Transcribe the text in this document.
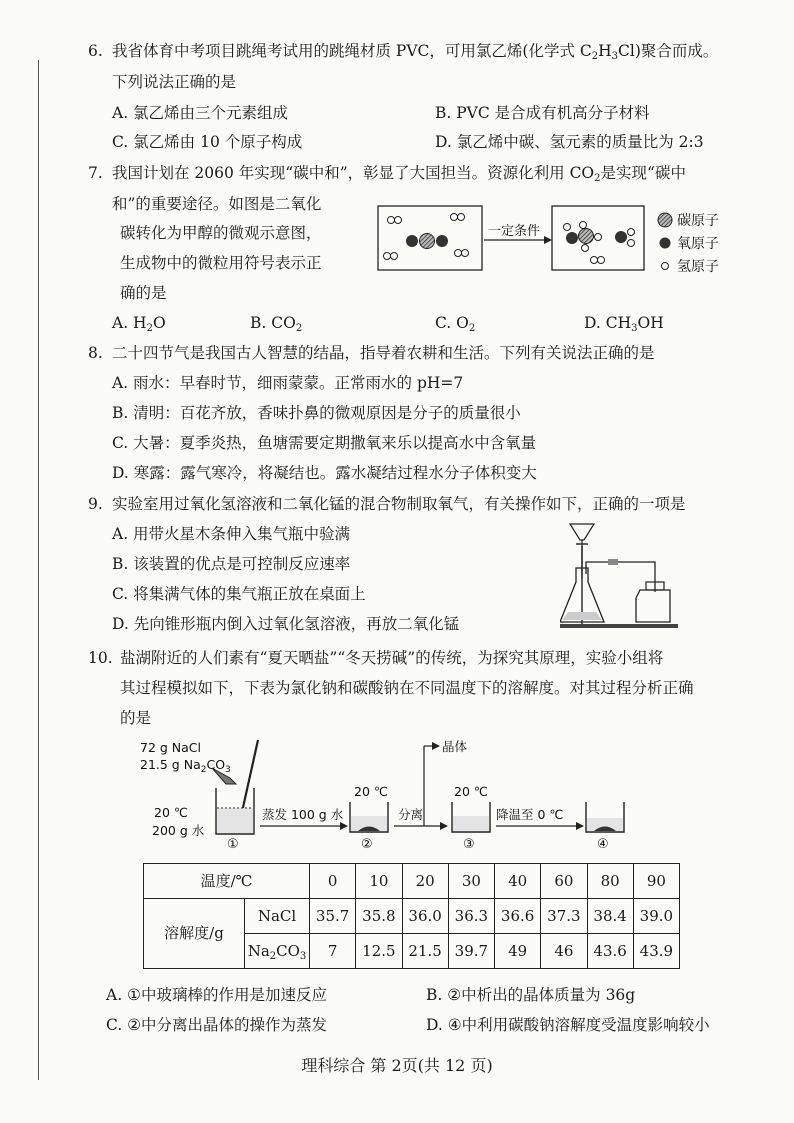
6. 我省体育中考项目跳绳考试用的跳绳材质 PVC，可用氯乙烯(化学式 $C_2H_3Cl$)聚合而成。
下列说法正确的是
A. 氯乙烯由三个元素组成	B. PVC 是合成有机高分子材料
C. 氯乙烯由 10 个原子构成	D. 氯乙烯中碳、氢元素的质量比为 2:3
7. 我国计划在 2060 年实现“碳中和”，彰显了大国担当。资源化利用 $CO_2$是实现“碳中
和”的重要途径。如图是二氧化
碳转化为甲醇的微观示意图，
生成物中的微粒用符号表示正
确的是
一定条件
碳原子
氧原子
氢原子
A. $H_2O$	B. $CO_2$	C. $O_2$	D. $CH_3OH$
8. 二十四节气是我国古人智慧的结晶，指导着农耕和生活。下列有关说法正确的是
A. 雨水：早春时节，细雨蒙蒙。正常雨水的 pH=7
B. 清明：百花齐放，香味扑鼻的微观原因是分子的质量很小
C. 大暑：夏季炎热，鱼塘需要定期撒氧来乐以提高水中含氧量
D. 寒露：露气寒冷，将凝结也。露水凝结过程水分子体积变大
9. 实验室用过氧化氢溶液和二氧化锰的混合物制取氧气，有关操作如下，正确的一项是
A. 用带火星木条伸入集气瓶中验满
B. 该装置的优点是可控制反应速率
C. 将集满气体的集气瓶正放在桌面上
D. 先向锥形瓶内倒入过氧化氢溶液，再放二氧化锰
10. 盐湖附近的人们素有“夏天晒盐”“冬天捞碱”的传统，为探究其原理，实验小组将
其过程模拟如下，下表为氯化钠和碳酸钠在不同温度下的溶解度。对其过程分析正确
的是
72 g NaCl
21.5 g $Na_2CO_3$
20 ℃
200 g 水
①
蒸发 100 g 水
20 ℃
②
分离
晶体
20 ℃
③
降温至 0 ℃
④
温度/℃		0	10	20	30	40	60	80	90
溶解度/g	NaCl	35.7	35.8	36.0	36.3	36.6	37.3	38.4	39.0
	$Na_2CO_3$	7	12.5	21.5	39.7	49	46	43.6	43.9
A. ①中玻璃棒的作用是加速反应	B. ②中析出的晶体质量为 36g
C. ②中分离出晶体的操作为蒸发	D. ④中利用碳酸钠溶解度受温度影响较小
理科综合 第 2页(共 12 页)
